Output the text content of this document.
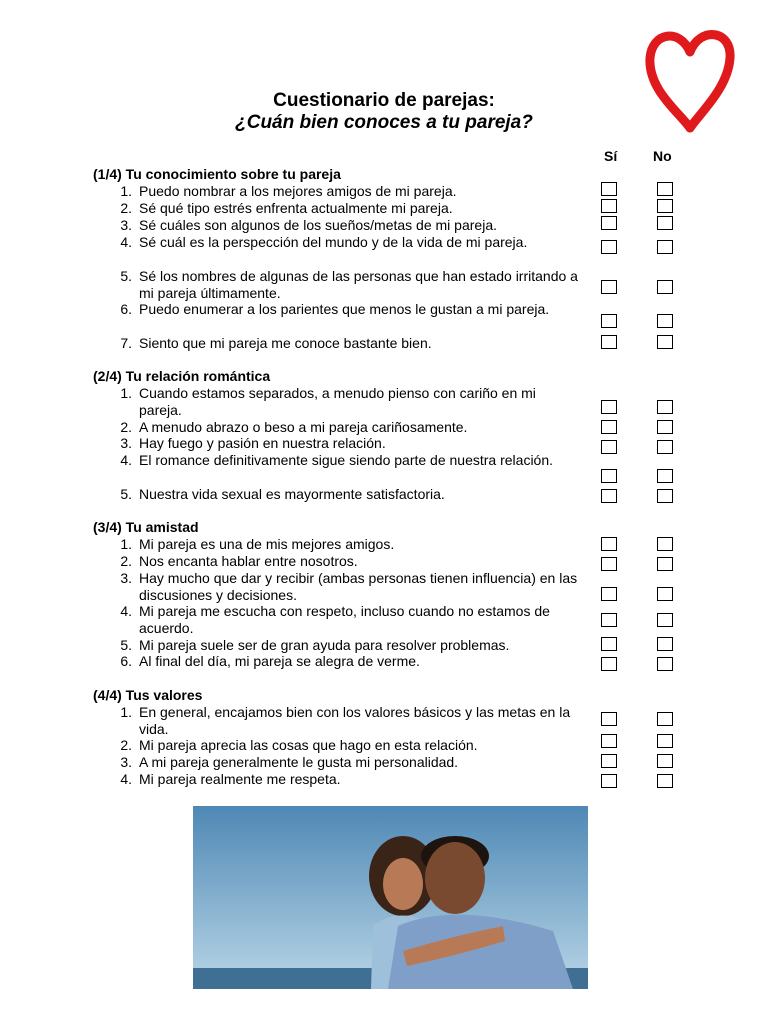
Cuestionario de parejas:
¿Cuán bien conoces a tu pareja?
Sí	No
(1/4) Tu conocimiento sobre tu pareja
1. Puedo nombrar a los mejores amigos de mi pareja.
2. Sé qué tipo estrés enfrenta actualmente mi pareja.
3. Sé cuáles son algunos de los sueños/metas de mi pareja.
4. Sé cuál es la perspección del mundo y de la vida de mi pareja.
5. Sé los nombres de algunas de las personas que han estado irritando a mi pareja últimamente.
6. Puedo enumerar a los parientes que menos le gustan a mi pareja.
7. Siento que mi pareja me conoce bastante bien.
(2/4) Tu relación romántica
1. Cuando estamos separados, a menudo pienso con cariño en mi pareja.
2. A menudo abrazo o beso a mi pareja cariñosamente.
3. Hay fuego y pasión en nuestra relación.
4. El romance definitivamente sigue siendo parte de nuestra relación.
5. Nuestra vida sexual es mayormente satisfactoria.
(3/4) Tu amistad
1. Mi pareja es una de mis mejores amigos.
2. Nos encanta hablar entre nosotros.
3. Hay mucho que dar y recibir (ambas personas tienen influencia) en las discusiones y decisiones.
4. Mi pareja me escucha con respeto, incluso cuando no estamos de acuerdo.
5. Mi pareja suele ser de gran ayuda para resolver problemas.
6. Al final del día, mi pareja se alegra de verme.
(4/4) Tus valores
1. En general, encajamos bien con los valores básicos y las metas en la vida.
2. Mi pareja aprecia las cosas que hago en esta relación.
3. A mi pareja generalmente le gusta mi personalidad.
4. Mi pareja realmente me respeta.
